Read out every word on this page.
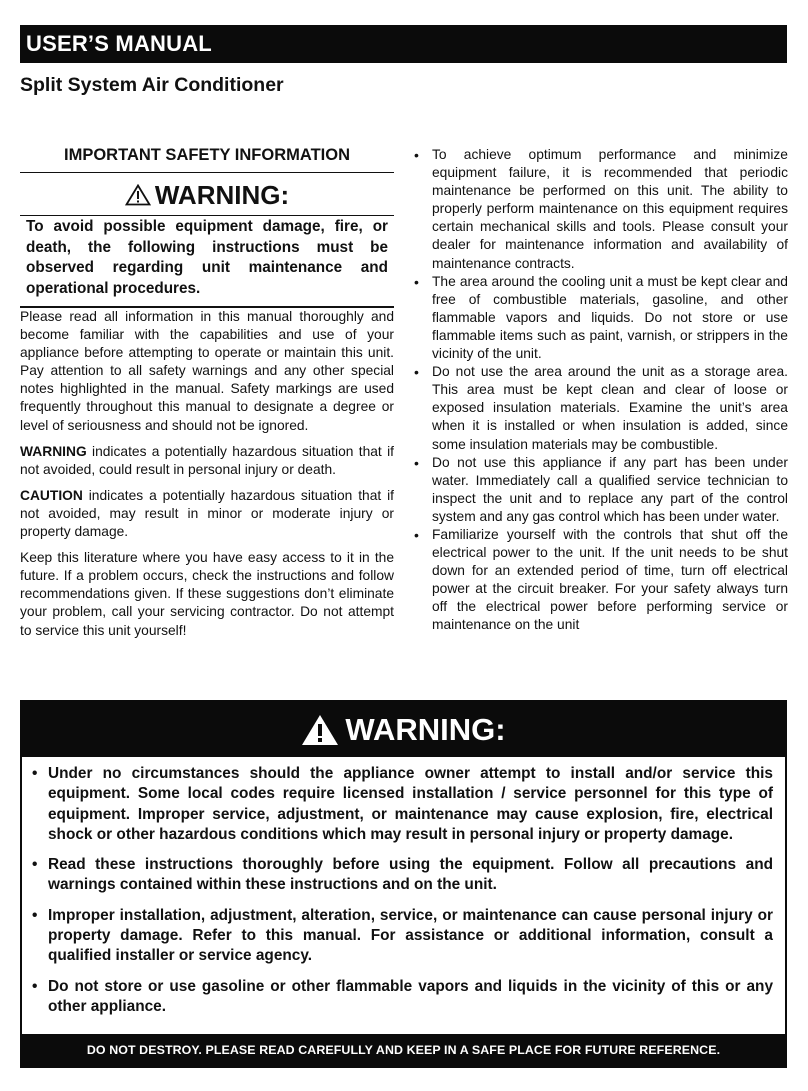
USER’S MANUAL
Split System Air Conditioner
IMPORTANT SAFETY INFORMATION
WARNING:
To avoid possible equipment damage, fire, or death, the following instructions must be observed regarding unit maintenance and operational procedures.

Please read all information in this manual thoroughly and become familiar with the capabilities and use of your appliance before attempting to operate or maintain this unit. Pay attention to all safety warnings and any other special notes highlighted in the manual. Safety markings are used frequently throughout this manual to designate a degree or level of seriousness and should not be ignored.

WARNING indicates a potentially hazardous situation that if not avoided, could result in personal injury or death.

CAUTION indicates a potentially hazardous situation that if not avoided, may result in minor or moderate injury or property damage.

Keep this literature where you have easy access to it in the future. If a problem occurs, check the instructions and follow recommendations given. If these suggestions don’t eliminate your problem, call your servicing contractor. Do not attempt to service this unit yourself!

• To achieve optimum performance and minimize equipment failure, it is recommended that periodic maintenance be performed on this unit. The ability to properly perform maintenance on this equipment requires certain mechanical skills and tools. Please consult your dealer for maintenance information and availability of maintenance contracts.
• The area around the cooling unit a must be kept clear and free of combustible materials, gasoline, and other flammable vapors and liquids. Do not store or use flammable items such as paint, varnish, or strippers in the vicinity of the unit.
• Do not use the area around the unit as a storage area. This area must be kept clean and clear of loose or exposed insulation materials. Examine the unit’s area when it is installed or when insulation is added, since some insulation materials may be combustible.
• Do not use this appliance if any part has been under water. Immediately call a qualified service technician to inspect the unit and to replace any part of the control system and any gas control which has been under water.
• Familiarize yourself with the controls that shut off the electrical power to the unit. If the unit needs to be shut down for an extended period of time, turn off electrical power at the circuit breaker. For your safety always turn off the electrical power before performing service or maintenance on the unit
WARNING:
• Under no circumstances should the appliance owner attempt to install and/or service this equipment. Some local codes require licensed installation / service personnel for this type of equipment. Improper service, adjustment, or maintenance may cause explosion, fire, electrical shock or other hazardous conditions which may result in personal injury or property damage.
• Read these instructions thoroughly before using the equipment. Follow all precautions and warnings contained within these instructions and on the unit.
• Improper installation, adjustment, alteration, service, or maintenance can cause personal injury or property damage. Refer to this manual. For assistance or additional information, consult a qualified installer or service agency.
• Do not store or use gasoline or other flammable vapors and liquids in the vicinity of this or any other appliance.
DO NOT DESTROY. PLEASE READ CAREFULLY AND KEEP IN A SAFE PLACE FOR FUTURE REFERENCE.
